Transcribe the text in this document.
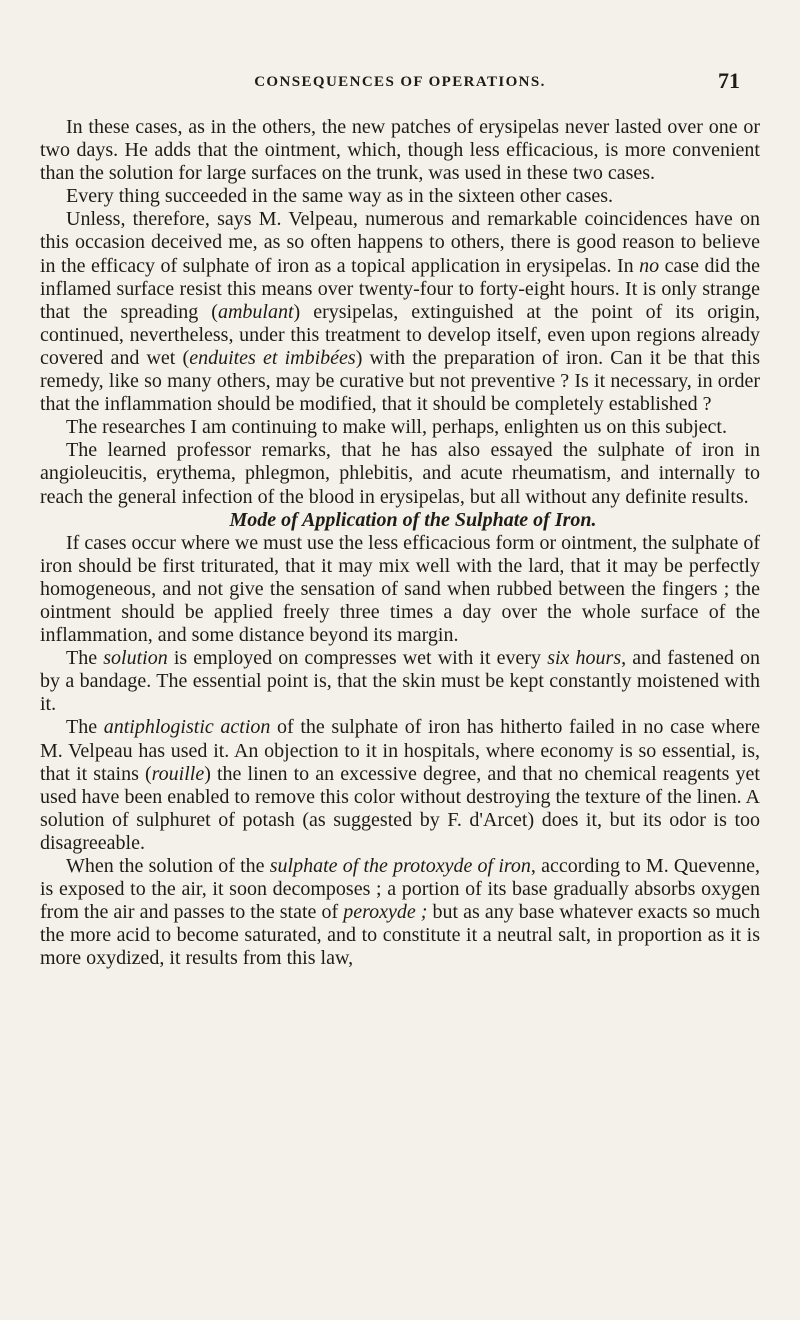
CONSEQUENCES OF OPERATIONS.	71

In these cases, as in the others, the new patches of erysipelas never lasted over one or two days. He adds that the ointment, which, though less efficacious, is more convenient than the solution for large surfaces on the trunk, was used in these two cases.

Every thing succeeded in the same way as in the sixteen other cases.

Unless, therefore, says M. Velpeau, numerous and remarkable coincidences have on this occasion deceived me, as so often happens to others, there is good reason to believe in the efficacy of sulphate of iron as a topical application in erysipelas. In no case did the inflamed surface resist this means over twenty-four to forty-eight hours. It is only strange that the spreading (ambulant) erysipelas, extinguished at the point of its origin, continued, nevertheless, under this treatment to develop itself, even upon regions already covered and wet (enduites et imbibées) with the preparation of iron. Can it be that this remedy, like so many others, may be curative but not preventive ? Is it necessary, in order that the inflammation should be modified, that it should be completely established ?

The researches I am continuing to make will, perhaps, enlighten us on this subject.

The learned professor remarks, that he has also essayed the sulphate of iron in angioleucitis, erythema, phlegmon, phlebitis, and acute rheumatism, and internally to reach the general infection of the blood in erysipelas, but all without any definite results.

Mode of Application of the Sulphate of Iron.

If cases occur where we must use the less efficacious form or ointment, the sulphate of iron should be first triturated, that it may mix well with the lard, that it may be perfectly homogeneous, and not give the sensation of sand when rubbed between the fingers ; the ointment should be applied freely three times a day over the whole surface of the inflammation, and some distance beyond its margin.

The solution is employed on compresses wet with it every six hours, and fastened on by a bandage. The essential point is, that the skin must be kept constantly moistened with it.

The antiphlogistic action of the sulphate of iron has hitherto failed in no case where M. Velpeau has used it. An objection to it in hospitals, where economy is so essential, is, that it stains (rouille) the linen to an excessive degree, and that no chemical reagents yet used have been enabled to remove this color without destroying the texture of the linen. A solution of sulphuret of potash (as suggested by F. d'Arcet) does it, but its odor is too disagreeable.

When the solution of the sulphate of the protoxyde of iron, according to M. Quevenne, is exposed to the air, it soon decomposes ; a portion of its base gradually absorbs oxygen from the air and passes to the state of peroxyde ; but as any base whatever exacts so much the more acid to become saturated, and to constitute it a neutral salt, in proportion as it is more oxydized, it results from this law,
